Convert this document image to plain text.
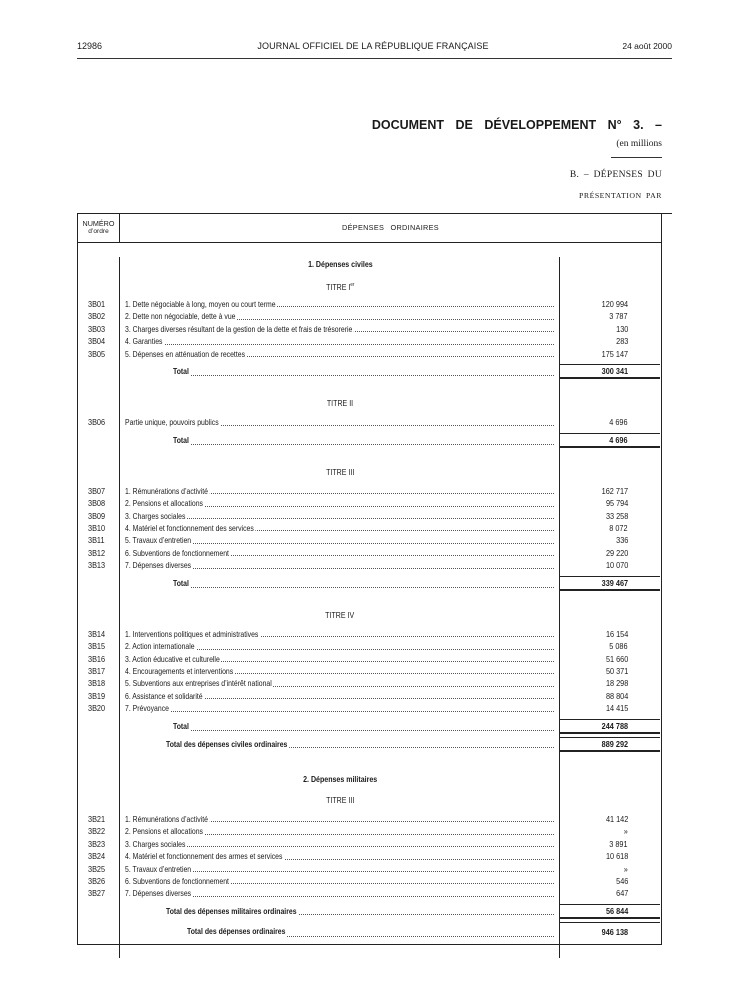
12986	JOURNAL OFFICIEL DE LA RÉPUBLIQUE FRANÇAISE	24 août 2000
DOCUMENT DE DÉVELOPPEMENT N° 3. –
(en millions
B. – DÉPENSES DU
PRÉSENTATION PAR
NUMÉRO
d’ordre	DÉPENSES ORDINAIRES
1. Dépenses civiles
TITRE Ier
3B01	1. Dette négociable à long, moyen ou court terme	120 994
3B02	2. Dette non négociable, dette à vue	3 787
3B03	3. Charges diverses résultant de la gestion de la dette et frais de trésorerie	130
3B04	4. Garanties	283
3B05	5. Dépenses en atténuation de recettes	175 147
Total	300 341
TITRE II
3B06	Partie unique, pouvoirs publics	4 696
Total	4 696
TITRE III
3B07	1. Rémunérations d’activité	162 717
3B08	2. Pensions et allocations	95 794
3B09	3. Charges sociales	33 258
3B10	4. Matériel et fonctionnement des services	8 072
3B11	5. Travaux d’entretien	336
3B12	6. Subventions de fonctionnement	29 220
3B13	7. Dépenses diverses	10 070
Total	339 467
TITRE IV
3B14	1. Interventions politiques et administratives	16 154
3B15	2. Action internationale	5 086
3B16	3. Action éducative et culturelle	51 660
3B17	4. Encouragements et interventions	50 371
3B18	5. Subventions aux entreprises d’intérêt national	18 298
3B19	6. Assistance et solidarité	88 804
3B20	7. Prévoyance	14 415
Total	244 788
Total des dépenses civiles ordinaires	889 292
2. Dépenses militaires
TITRE III
3B21	1. Rémunérations d’activité	41 142
3B22	2. Pensions et allocations	»
3B23	3. Charges sociales	3 891
3B24	4. Matériel et fonctionnement des armes et services	10 618
3B25	5. Travaux d’entretien	»
3B26	6. Subventions de fonctionnement	546
3B27	7. Dépenses diverses	647
Total des dépenses militaires ordinaires	56 844
Total des dépenses ordinaires	946 138
